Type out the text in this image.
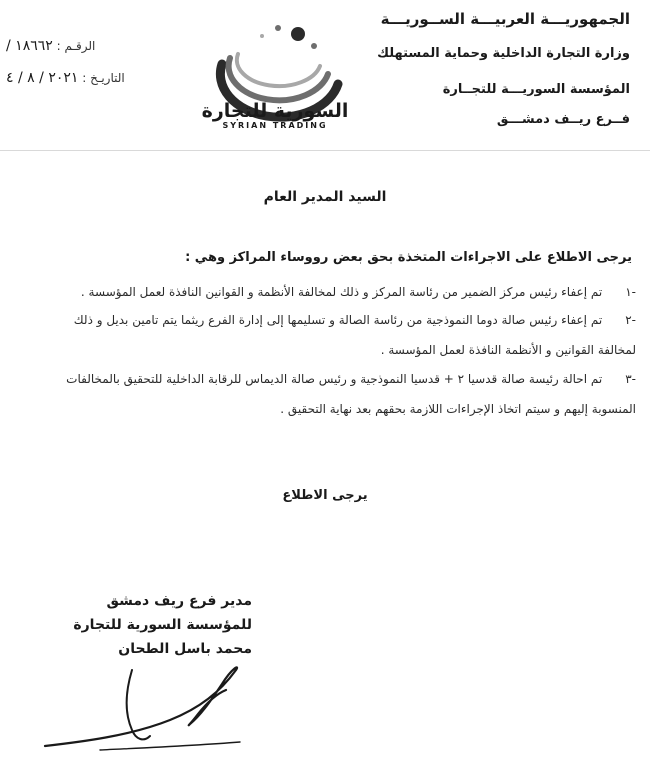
الجمهوريـــة العربيـــة الســوريـــة
وزارة التجارة الداخلية وحماية المستهلك
المؤسسة السوريـــة للتجــارة
فــرع ريــف دمشـــق
الرقـم : ١٨٦٦٢ /
التاريـخ : ٢٠٢١ / ٨ / ٤
السورية للتجارة
SYRIAN TRADING
السيد المدير العام
يرجى الاطلاع على الاجراءات المتخذة بحق بعض رووساء المراكز وهي :
-١ تم إعفاء رئيس مركز الضمير من رئاسة المركز و ذلك لمخالفة الأنظمة و القوانين النافذة لعمل المؤسسة .
-٢ تم إعفاء رئيس صالة دوما النموذجية من رئاسة الصالة و تسليمها إلى إدارة الفرع ريثما يتم تامين بديل و ذلك
لمخالفة القوانين و الأنظمة النافذة لعمل المؤسسة .
-٣ تم احالة رئيسة صالة قدسيا ٢ + قدسيا النموذجية و رئيس صالة الديماس للرقابة الداخلية للتحقيق بالمخالفات
المنسوبة إليهم و سيتم اتخاذ الإجراءات اللازمة بحقهم بعد نهاية التحقيق .
يرجى الاطلاع
مدير فرع ريف دمشق
للمؤسسة السورية للتجارة
محمد باسل الطحان
